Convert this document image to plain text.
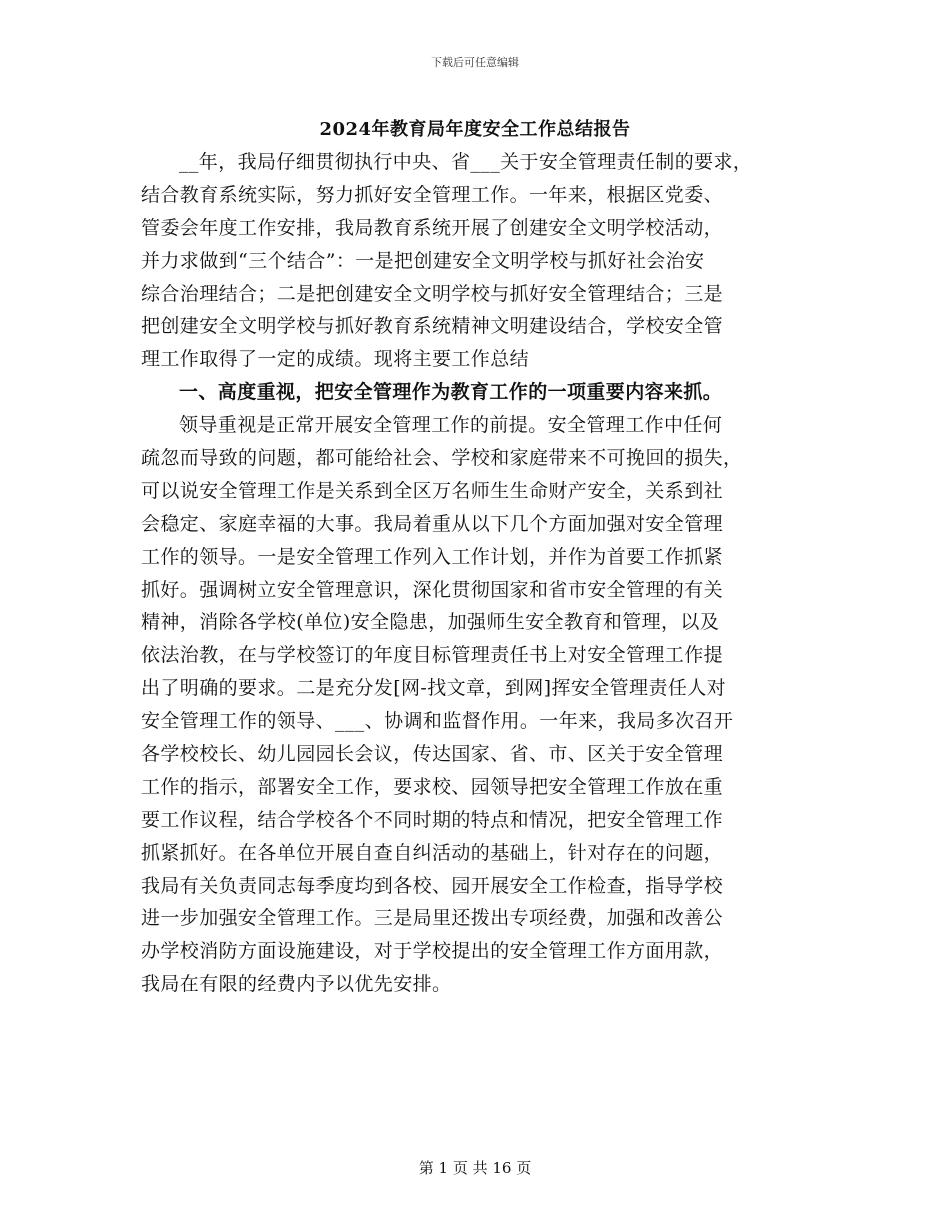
下载后可任意编辑
2024年教育局年度安全工作总结报告
__年，我局仔细贯彻执行中央、省___关于安全管理责任制的要求，
结合教育系统实际，努力抓好安全管理工作。一年来，根据区党委、
管委会年度工作安排，我局教育系统开展了创建安全文明学校活动，
并力求做到“三个结合”：一是把创建安全文明学校与抓好社会治安
综合治理结合；二是把创建安全文明学校与抓好安全管理结合；三是
把创建安全文明学校与抓好教育系统精神文明建设结合，学校安全管
理工作取得了一定的成绩。现将主要工作总结
一、高度重视，把安全管理作为教育工作的一项重要内容来抓。
领导重视是正常开展安全管理工作的前提。安全管理工作中任何
疏忽而导致的问题，都可能给社会、学校和家庭带来不可挽回的损失，
可以说安全管理工作是关系到全区万名师生生命财产安全，关系到社
会稳定、家庭幸福的大事。我局着重从以下几个方面加强对安全管理
工作的领导。一是安全管理工作列入工作计划，并作为首要工作抓紧
抓好。强调树立安全管理意识，深化贯彻国家和省市安全管理的有关
精神，消除各学校(单位)安全隐患，加强师生安全教育和管理，以及
依法治教，在与学校签订的年度目标管理责任书上对安全管理工作提
出了明确的要求。二是充分发[网-找文章，到网]挥安全管理责任人对
安全管理工作的领导、___、协调和监督作用。一年来，我局多次召开
各学校校长、幼儿园园长会议，传达国家、省、市、区关于安全管理
工作的指示，部署安全工作，要求校、园领导把安全管理工作放在重
要工作议程，结合学校各个不同时期的特点和情况，把安全管理工作
抓紧抓好。在各单位开展自查自纠活动的基础上，针对存在的问题，
我局有关负责同志每季度均到各校、园开展安全工作检查，指导学校
进一步加强安全管理工作。三是局里还拨出专项经费，加强和改善公
办学校消防方面设施建设，对于学校提出的安全管理工作方面用款，
我局在有限的经费内予以优先安排。
第 1 页 共 16 页
